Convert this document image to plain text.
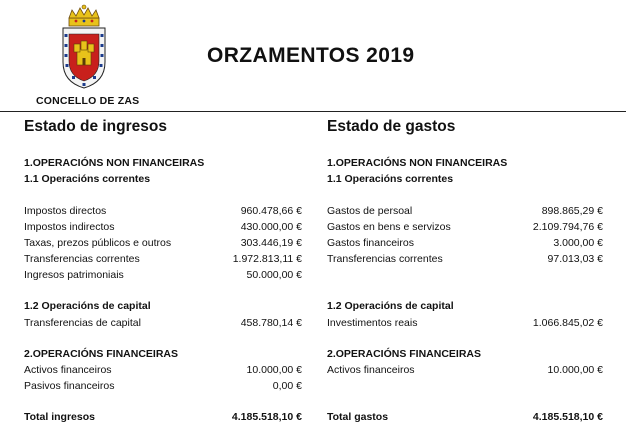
CONCELLO DE ZAS
ORZAMENTOS 2019
Estado de ingresos
1.OPERACIÓNS NON FINANCEIRAS
1.1 Operacións correntes
Impostos directos	960.478,66 €
Impostos indirectos	430.000,00 €
Taxas, prezos públicos e outros	303.446,19 €
Transferencias correntes	1.972.813,11 €
Ingresos patrimoniais	50.000,00 €
1.2 Operacións de capital
Transferencias de capital	458.780,14 €
2.OPERACIÓNS FINANCEIRAS
Activos financeiros	10.000,00 €
Pasivos financeiros	0,00 €
Total ingresos	4.185.518,10 €
Estado de gastos
1.OPERACIÓNS NON FINANCEIRAS
1.1 Operacións correntes
Gastos de persoal	898.865,29 €
Gastos en bens e servizos	2.109.794,76 €
Gastos financeiros	3.000,00 €
Transferencias correntes	97.013,03 €
1.2 Operacións de capital
Investimentos reais	1.066.845,02 €
2.OPERACIÓNS FINANCEIRAS
Activos financeiros	10.000,00 €
Total gastos	4.185.518,10 €
